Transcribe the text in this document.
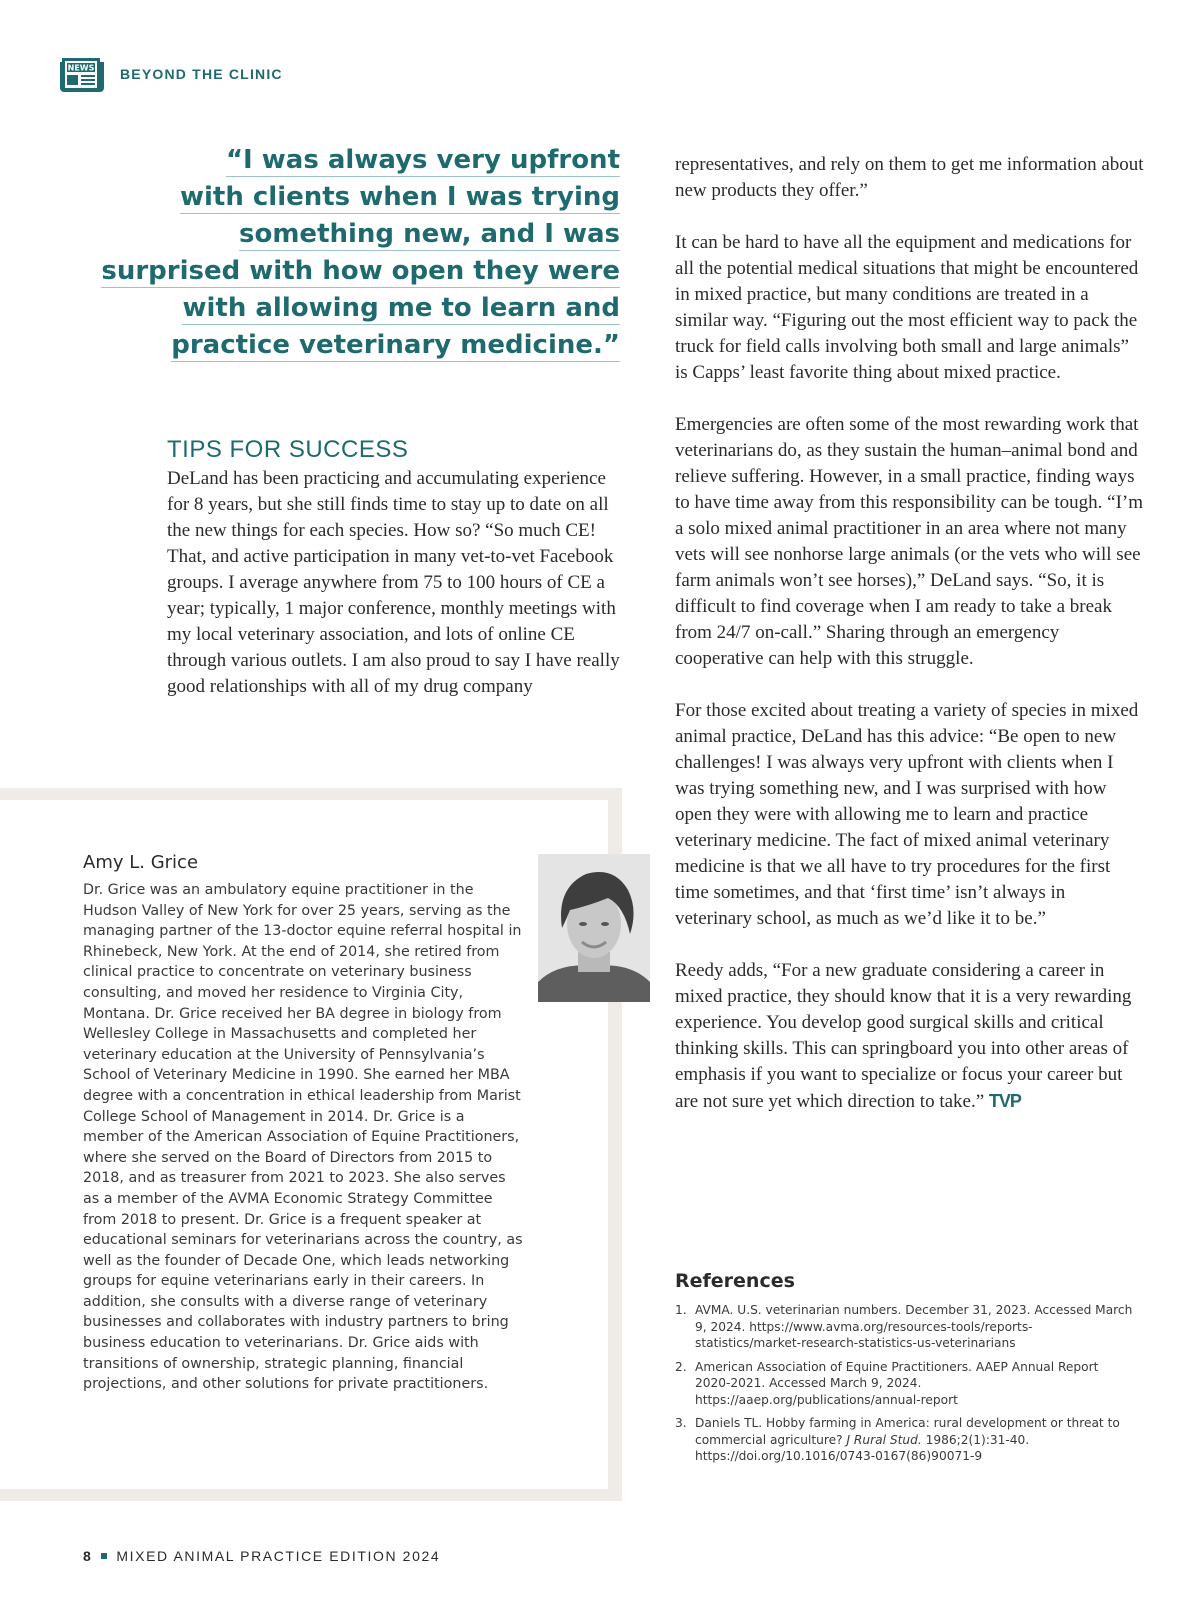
NEWS BEYOND THE CLINIC
“I was always very upfront
with clients when I was trying
something new, and I was
surprised with how open they were
with allowing me to learn and
practice veterinary medicine.”
TIPS FOR SUCCESS

DeLand has been practicing and accumulating experience for 8 years, but she still finds time to stay up to date on all the new things for each species. How so? “So much CE! That, and active participation in many vet-to-vet Facebook groups. I average anywhere from 75 to 100 hours of CE a year; typically, 1 major conference, monthly meetings with my local veterinary association, and lots of online CE through various outlets. I am also proud to say I have really good relationships with all of my drug company

representatives, and rely on them to get me information about new products they offer.”

It can be hard to have all the equipment and medications for all the potential medical situations that might be encountered in mixed practice, but many conditions are treated in a similar way. “Figuring out the most efficient way to pack the truck for field calls involving both small and large animals” is Capps’ least favorite thing about mixed practice.

Emergencies are often some of the most rewarding work that veterinarians do, as they sustain the human–animal bond and relieve suffering. However, in a small practice, finding ways to have time away from this responsibility can be tough. “I’m a solo mixed animal practitioner in an area where not many vets will see nonhorse large animals (or the vets who will see farm animals won’t see horses),” DeLand says. “So, it is difficult to find coverage when I am ready to take a break from 24/7 on-call.” Sharing through an emergency cooperative can help with this struggle.

For those excited about treating a variety of species in mixed animal practice, DeLand has this advice: “Be open to new challenges! I was always very upfront with clients when I was trying something new, and I was surprised with how open they were with allowing me to learn and practice veterinary medicine. The fact of mixed animal veterinary medicine is that we all have to try procedures for the first time sometimes, and that ‘first time’ isn’t always in veterinary school, as much as we’d like it to be.”

Reedy adds, “For a new graduate considering a career in mixed practice, they should know that it is a very rewarding experience. You develop good surgical skills and critical thinking skills. This can springboard you into other areas of emphasis if you want to specialize or focus your career but are not sure yet which direction to take.” TVP

Amy L. Grice

Dr. Grice was an ambulatory equine practitioner in the Hudson Valley of New York for over 25 years, serving as the managing partner of the 13-doctor equine referral hospital in Rhinebeck, New York. At the end of 2014, she retired from clinical practice to concentrate on veterinary business consulting, and moved her residence to Virginia City, Montana. Dr. Grice received her BA degree in biology from Wellesley College in Massachusetts and completed her veterinary education at the University of Pennsylvania’s School of Veterinary Medicine in 1990. She earned her MBA degree with a concentration in ethical leadership from Marist College School of Management in 2014. Dr. Grice is a member of the American Association of Equine Practitioners, where she served on the Board of Directors from 2015 to 2018, and as treasurer from 2021 to 2023. She also serves as a member of the AVMA Economic Strategy Committee from 2018 to present. Dr. Grice is a frequent speaker at educational seminars for veterinarians across the country, as well as the founder of Decade One, which leads networking groups for equine veterinarians early in their careers. In addition, she consults with a diverse range of veterinary businesses and collaborates with industry partners to bring business education to veterinarians. Dr. Grice aids with transitions of ownership, strategic planning, financial projections, and other solutions for private practitioners.

References
1. AVMA. U.S. veterinarian numbers. December 31, 2023. Accessed March 9, 2024. https://www.avma.org/resources-tools/reports-statistics/market-research-statistics-us-veterinarians
2. American Association of Equine Practitioners. AAEP Annual Report 2020-2021. Accessed March 9, 2024. https://aaep.org/publications/annual-report
3. Daniels TL. Hobby farming in America: rural development or threat to commercial agriculture? J Rural Stud. 1986;2(1):31-40. https://doi.org/10.1016/0743-0167(86)90071-9
8 MIXED ANIMAL PRACTICE EDITION 2024
